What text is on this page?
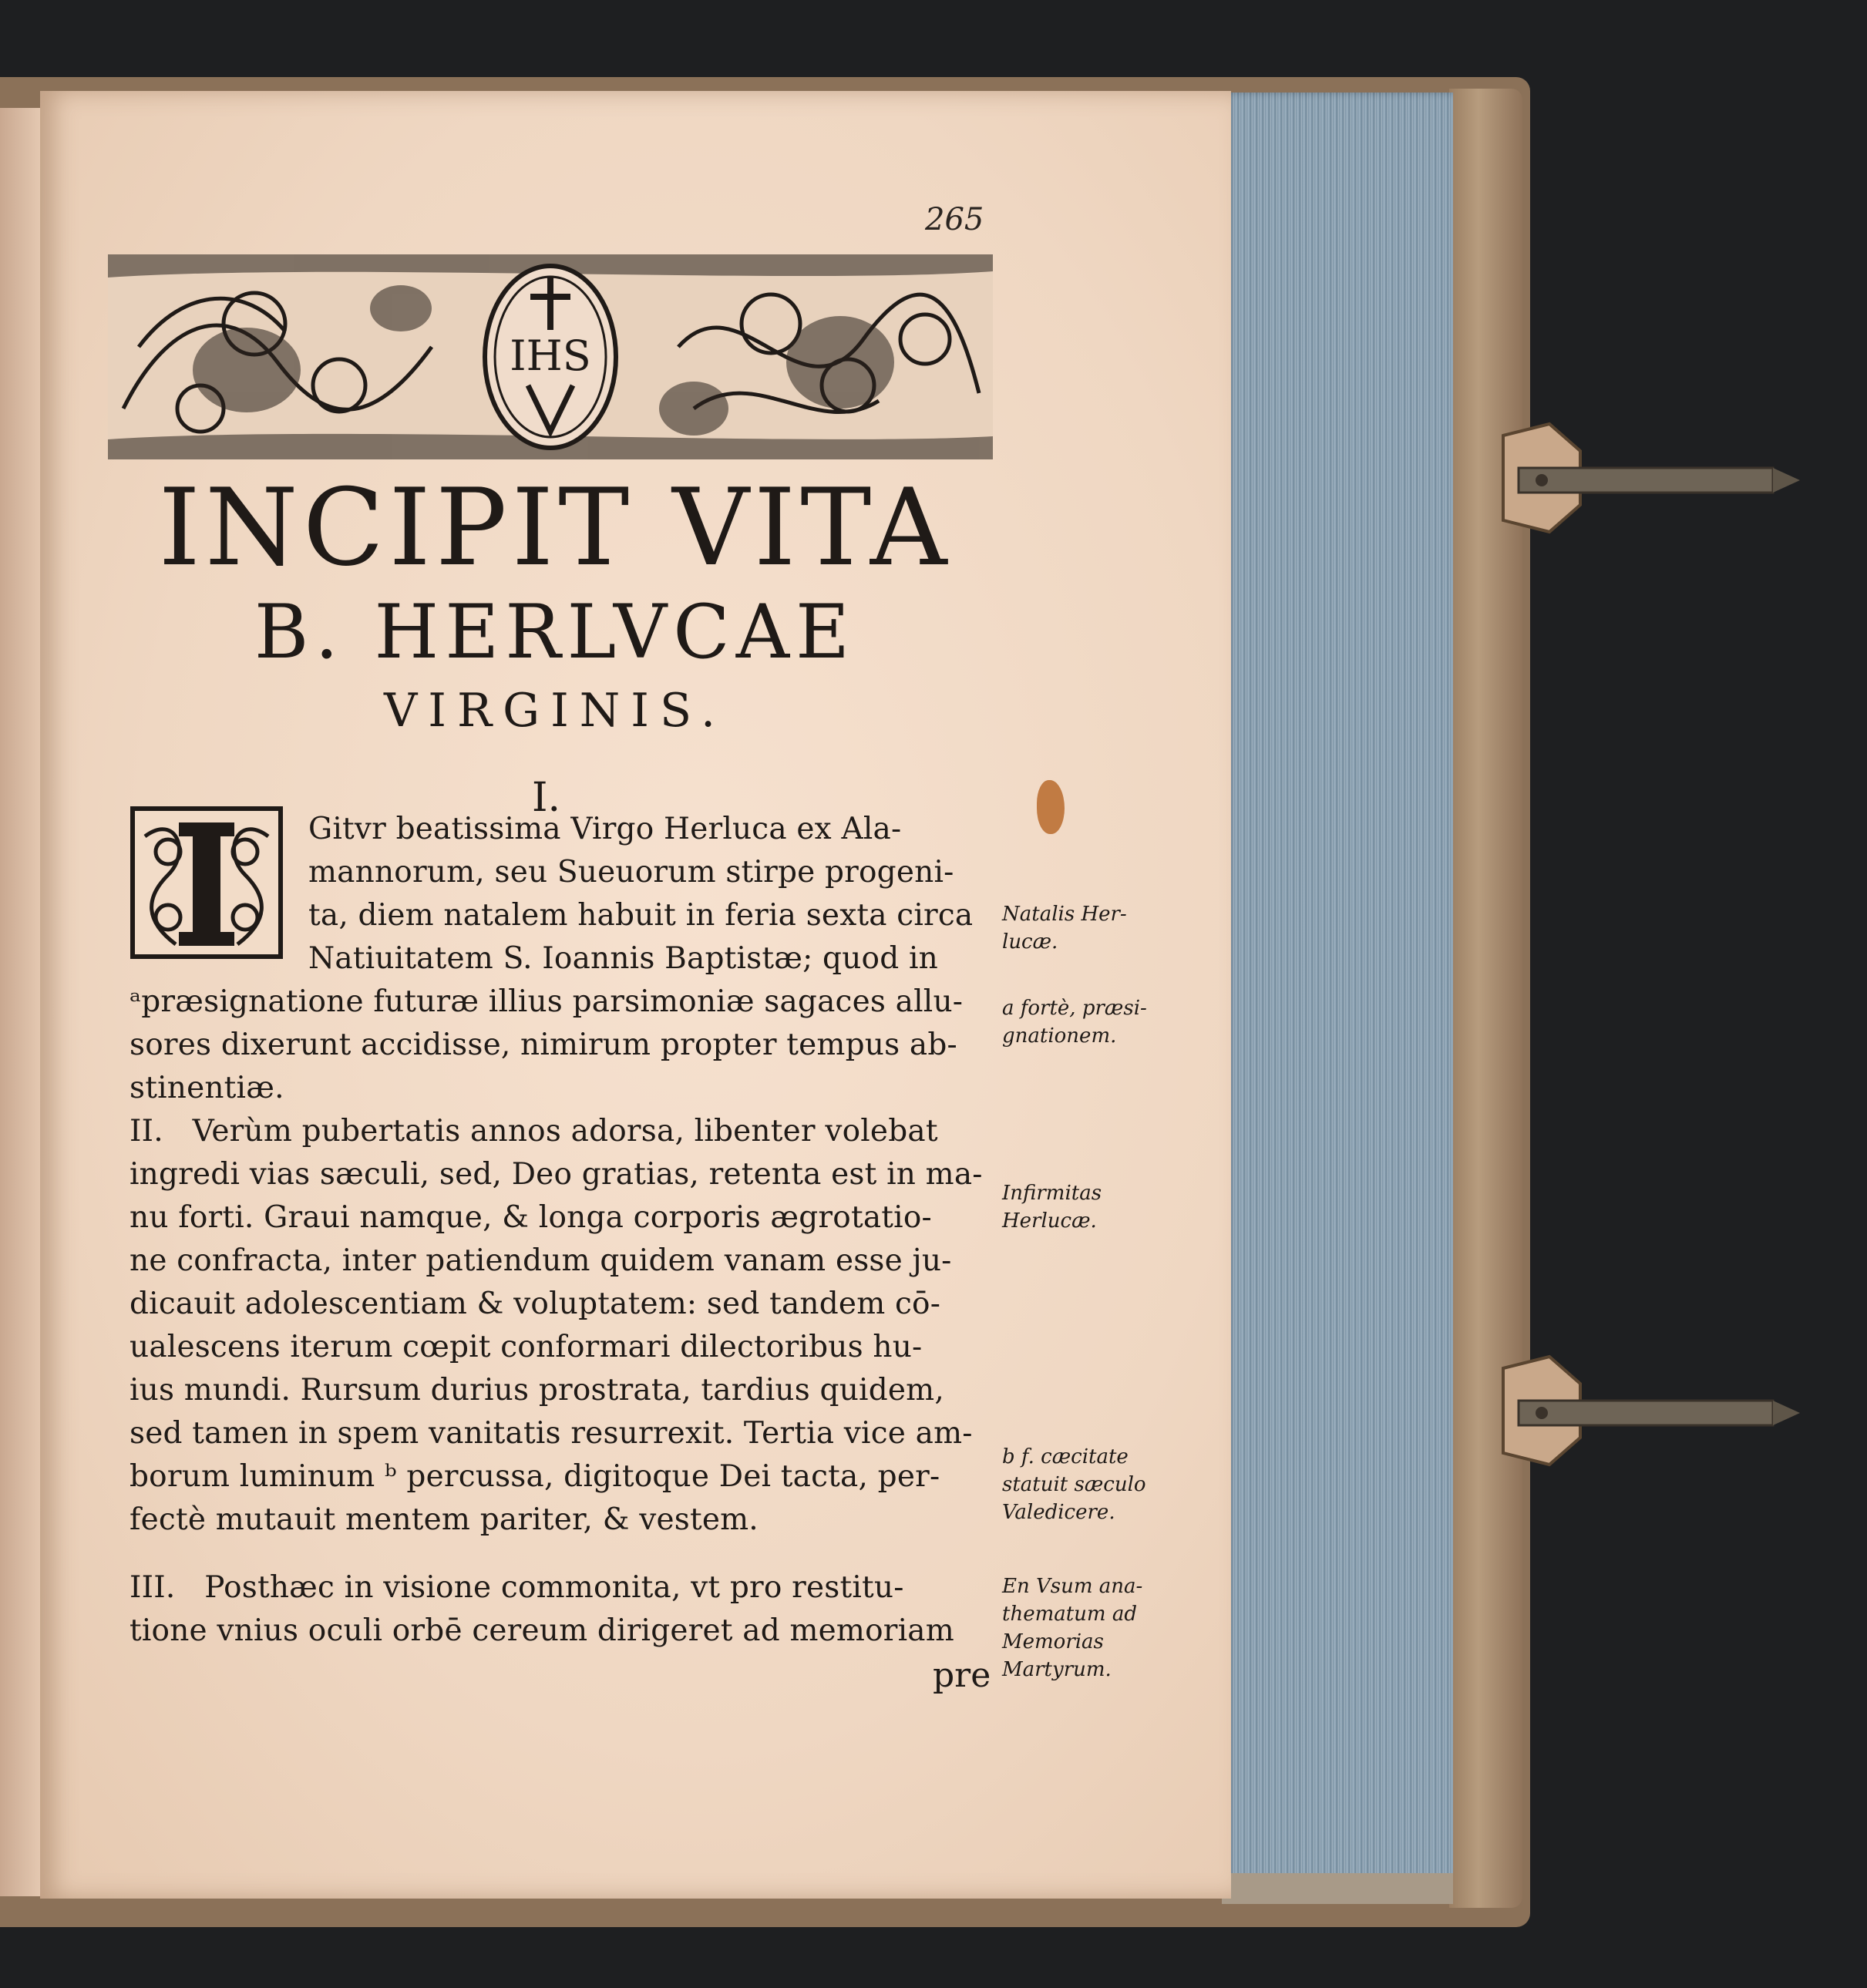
265
IHS
INCIPIT VITA
B. HERLVCAE
VIRGINIS.
I.
Gitvr beatissima Virgo Herluca ex Ala-
mannorum, seu Sueuorum stirpe progeni-
ta, diem natalem habuit in feria sexta circa
Natiuitatem S. Ioannis Baptistæ; quod in
ᵃpræsignatione futuræ illius parsimoniæ sagaces allu-
sores dixerunt accidisse, nimirum propter tempus ab-
stinentiæ.
II.   Verùm pubertatis annos adorsa, libenter volebat
ingredi vias sæculi, sed, Deo gratias, retenta est in ma-
nu forti. Graui namque, & longa corporis ægrotatio-
ne confracta, inter patiendum quidem vanam esse ju-
dicauit adolescentiam & voluptatem: sed tandem cō-
ualescens iterum cœpit conformari dilectoribus hu-
ius mundi. Rursum durius prostrata, tardius quidem,
sed tamen in spem vanitatis resurrexit. Tertia vice am-
borum luminum ᵇ percussa, digitoque Dei tacta, per-
fectè mutauit mentem pariter, & vestem.
III.   Posthæc in visione commonita, vt pro restitu-
tione vnius oculi orbē cereum dirigeret ad memoriam
pre
Natalis Her-
lucæ.
a fortè, præsi-
gnationem.
Infirmitas
Herlucæ.
b f. cæcitate
statuit sæculo
Valedicere.
En Vsum ana-
thematum ad
Memorias
Martyrum.
